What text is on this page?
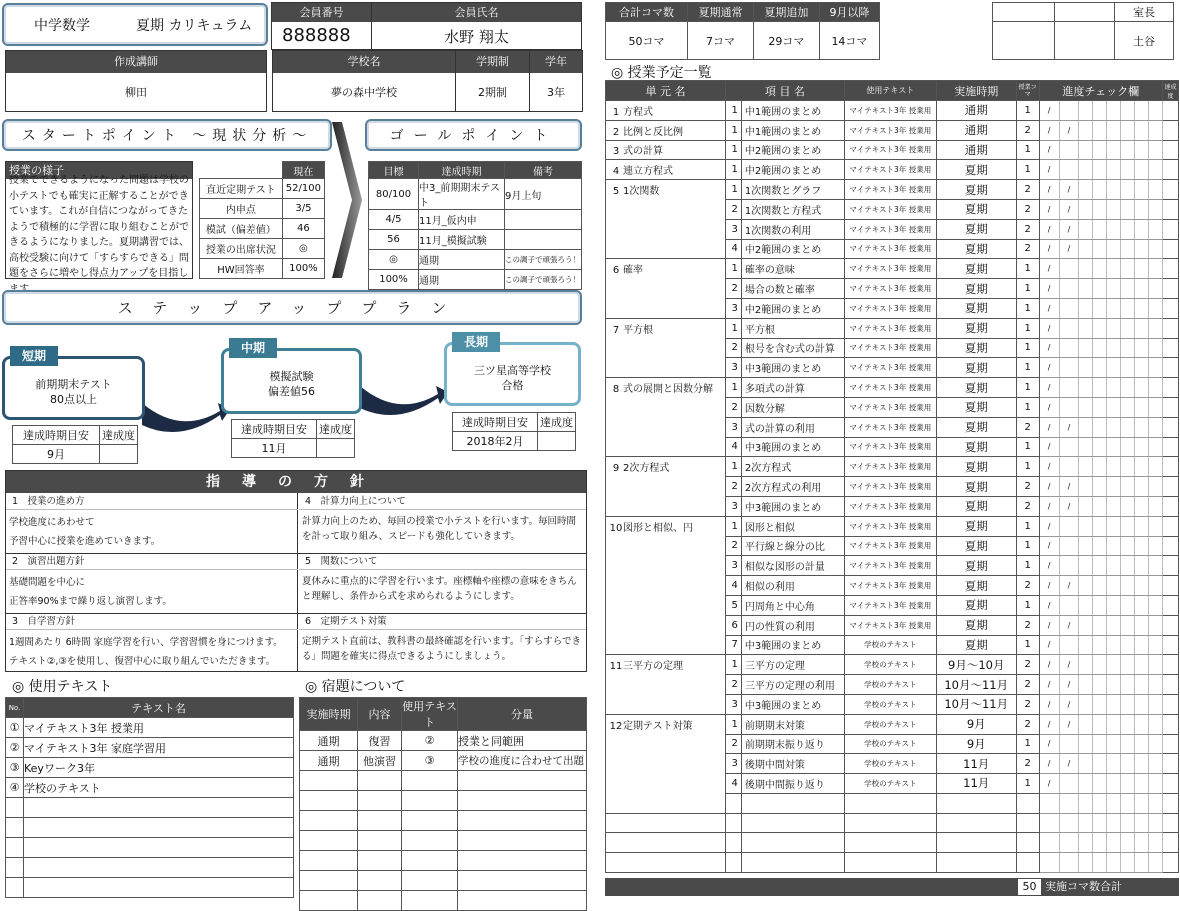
中学数学	夏期 カリキュラム
会員番号
888888
会員氏名
水野 翔太
作成講師
柳田
学校名
夢の森中学校
学期制
2期制
学年
3年
スタートポイント ～現状分析～
授業の様子
授業でできるようになった問題は学校の小テストでも確実に正解することができています。これが自信につながってきたようで積極的に学習に取り組むことができるようになりました。夏期講習では、高校受験に向けて「すらすらできる」問題をさらに増やし得点力アップを目指します。
	現在
直近定期テスト	52/100
内申点	3/5
模試（偏差値）	46
授業の出席状況	◎
HW回答率	100%
ゴールポイント
目標	達成時期	備考
80/100	中3_前期期末テスト	9月上旬
4/5	11月_仮内申	
56	11月_模擬試験	
◎	通期	この調子で頑張ろう！
100%	通期	この調子で頑張ろう！
ステップアッププラン
短期
前期期末テスト
80点以上
達成時期目安	達成度
9月	
中期
模擬試験
偏差値56
達成時期目安	達成度
11月	
長期
三ツ星高等学校
合格
達成時期目安	達成度
2018年2月	
指導の方針
1　授業の進め方
学校進度にあわせて
予習中心に授業を進めていきます。
4　計算力向上について
計算力向上のため、毎回の授業で小テストを行います。毎回時間を計って取り組み、スピードも強化していきます。
2　演習出題方針
基礎問題を中心に
正答率90%まで繰り返し演習します。
5　関数について
夏休みに重点的に学習を行います。座標軸や座標の意味をきちんと理解し、条件から式を求められるようにします。
3　自学習方針
1週間あたり 6時間 家庭学習を行い、学習習慣を身につけます。
テキスト②,③を使用し、復習中心に取り組んでいただきます。
6　定期テスト対策
定期テスト直前は、教科書の最終確認を行います。「すらすらできる」問題を確実に得点できるようにしましょう。
◎ 使用テキスト
No.	テキスト名
①	マイテキスト3年 授業用
②	マイテキスト3年 家庭学習用
③	Keyワーク3年
④	学校のテキスト

◎ 宿題について
実施時期	内容	使用テキスト	分量
通期	復習	②	授業と同範囲
通期	他演習	③	学校の進度に合わせて出題

合計コマ数	夏期通常	夏期追加	9月以降
50コマ	7コマ	29コマ	14コマ
		室長
		土谷
◎ 授業予定一覧
単 元 名	項 目 名		使用テキスト	実施時期	授業コマ	進度チェック欄								達成度
1 方程式	1	中1範囲のまとめ	マイテキスト3年 授業用	通期	1	/								
2 比例と反比例	1	中1範囲のまとめ	マイテキスト3年 授業用	通期	2	/	/							
3 式の計算	1	中2範囲のまとめ	マイテキスト3年 授業用	通期	1	/								
4 連立方程式	1	中2範囲のまとめ	マイテキスト3年 授業用	夏期	1	/								
5 1次関数	1	1次関数とグラフ	マイテキスト3年 授業用	夏期	2	/	/							
	2	1次関数と方程式	マイテキスト3年 授業用	夏期	2	/	/							
	3	1次関数の利用	マイテキスト3年 授業用	夏期	2	/	/							
	4	中2範囲のまとめ	マイテキスト3年 授業用	夏期	2	/	/							
6 確率	1	確率の意味	マイテキスト3年 授業用	夏期	1	/								
	2	場合の数と確率	マイテキスト3年 授業用	夏期	1	/								
	3	中2範囲のまとめ	マイテキスト3年 授業用	夏期	1	/								
7 平方根	1	平方根	マイテキスト3年 授業用	夏期	1	/								
	2	根号を含む式の計算	マイテキスト3年 授業用	夏期	1	/								
	3	中3範囲のまとめ	マイテキスト3年 授業用	夏期	1	/								
8 式の展開と因数分解	1	多項式の計算	マイテキスト3年 授業用	夏期	1	/								
	2	因数分解	マイテキスト3年 授業用	夏期	1	/								
	3	式の計算の利用	マイテキスト3年 授業用	夏期	2	/	/							
	4	中3範囲のまとめ	マイテキスト3年 授業用	夏期	1	/								
9 2次方程式	1	2次方程式	マイテキスト3年 授業用	夏期	1	/								
	2	2次方程式の利用	マイテキスト3年 授業用	夏期	2	/	/							
	3	中3範囲のまとめ	マイテキスト3年 授業用	夏期	2	/	/							
10図形と相似、円	1	図形と相似	マイテキスト3年 授業用	夏期	1	/								
	2	平行線と線分の比	マイテキスト3年 授業用	夏期	1	/								
	3	相似な図形の計量	マイテキスト3年 授業用	夏期	1	/								
	4	相似の利用	マイテキスト3年 授業用	夏期	2	/	/							
	5	円周角と中心角	マイテキスト3年 授業用	夏期	1	/								
	6	円の性質の利用	マイテキスト3年 授業用	夏期	2	/	/							
	7	中3範囲のまとめ	学校のテキスト	夏期	1	/								
11三平方の定理	1	三平方の定理	学校のテキスト	9月～10月	2	/	/							
	2	三平方の定理の利用	学校のテキスト	10月～11月	2	/	/							
	3	中3範囲のまとめ	学校のテキスト	10月～11月	2	/	/							
12定期テスト対策	1	前期期末対策	学校のテキスト	9月	2	/	/							
	2	前期期末振り返り	学校のテキスト	9月	1	/								
	3	後期中間対策	学校のテキスト	11月	2	/	/							
	4	後期中間振り返り	学校のテキスト	11月	1	/								

50 実施コマ数合計
